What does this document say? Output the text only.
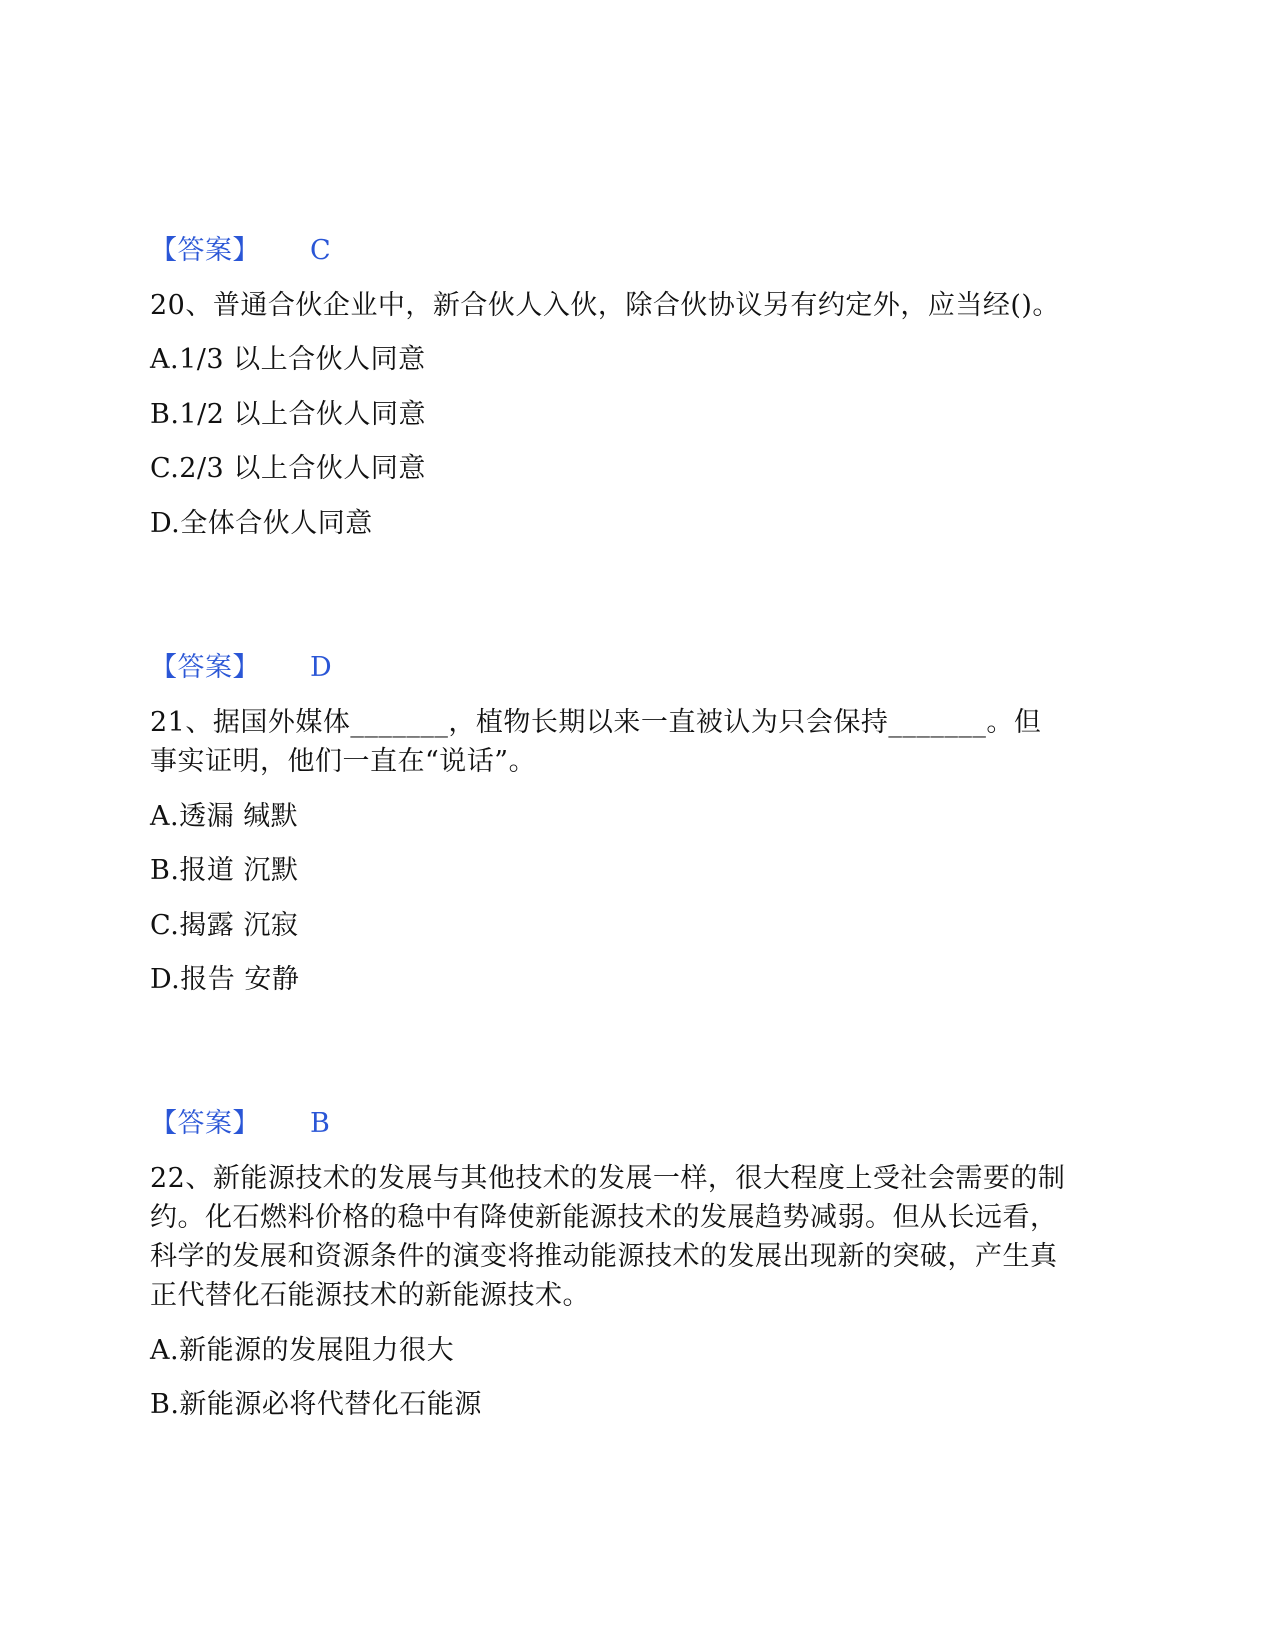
【答案】 C
20、普通合伙企业中，新合伙人入伙，除合伙协议另有约定外，应当经()。
A.1/3 以上合伙人同意
B.1/2 以上合伙人同意
C.2/3 以上合伙人同意
D.全体合伙人同意
【答案】 D
21、据国外媒体_______，植物长期以来一直被认为只会保持_______。但
事实证明，他们一直在“说话”。
A.透漏 缄默
B.报道 沉默
C.揭露 沉寂
D.报告 安静
【答案】 B
22、新能源技术的发展与其他技术的发展一样，很大程度上受社会需要的制
约。化石燃料价格的稳中有降使新能源技术的发展趋势减弱。但从长远看，
科学的发展和资源条件的演变将推动能源技术的发展出现新的突破，产生真
正代替化石能源技术的新能源技术。
A.新能源的发展阻力很大
B.新能源必将代替化石能源
